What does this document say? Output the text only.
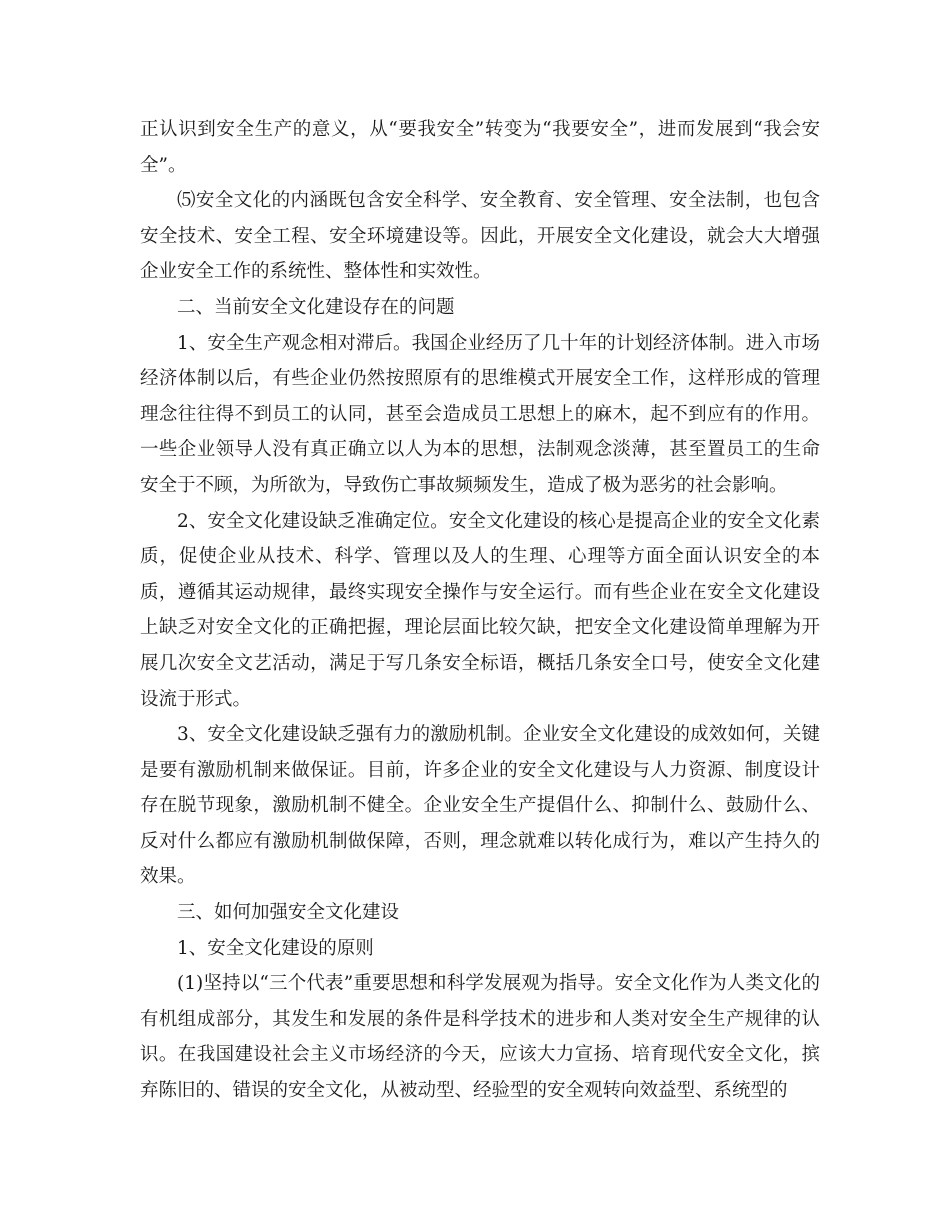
正认识到安全生产的意义，从“要我安全”转变为“我要安全”，进而发展到“我会安全”。

⑸安全文化的内涵既包含安全科学、安全教育、安全管理、安全法制，也包含安全技术、安全工程、安全环境建设等。因此，开展安全文化建设，就会大大增强企业安全工作的系统性、整体性和实效性。

二、当前安全文化建设存在的问题

1、安全生产观念相对滞后。我国企业经历了几十年的计划经济体制。进入市场经济体制以后，有些企业仍然按照原有的思维模式开展安全工作，这样形成的管理理念往往得不到员工的认同，甚至会造成员工思想上的麻木，起不到应有的作用。一些企业领导人没有真正确立以人为本的思想，法制观念淡薄，甚至置员工的生命安全于不顾，为所欲为，导致伤亡事故频频发生，造成了极为恶劣的社会影响。

2、安全文化建设缺乏准确定位。安全文化建设的核心是提高企业的安全文化素质，促使企业从技术、科学、管理以及人的生理、心理等方面全面认识安全的本质，遵循其运动规律，最终实现安全操作与安全运行。而有些企业在安全文化建设上缺乏对安全文化的正确把握，理论层面比较欠缺，把安全文化建设简单理解为开展几次安全文艺活动，满足于写几条安全标语，概括几条安全口号，使安全文化建设流于形式。

3、安全文化建设缺乏强有力的激励机制。企业安全文化建设的成效如何，关键是要有激励机制来做保证。目前，许多企业的安全文化建设与人力资源、制度设计存在脱节现象，激励机制不健全。企业安全生产提倡什么、抑制什么、鼓励什么、反对什么都应有激励机制做保障，否则，理念就难以转化成行为，难以产生持久的效果。

三、如何加强安全文化建设

1、安全文化建设的原则

(1)坚持以“三个代表”重要思想和科学发展观为指导。安全文化作为人类文化的有机组成部分，其发生和发展的条件是科学技术的进步和人类对安全生产规律的认识。在我国建设社会主义市场经济的今天，应该大力宣扬、培育现代安全文化，摈弃陈旧的、错误的安全文化，从被动型、经验型的安全观转向效益型、系统型的
